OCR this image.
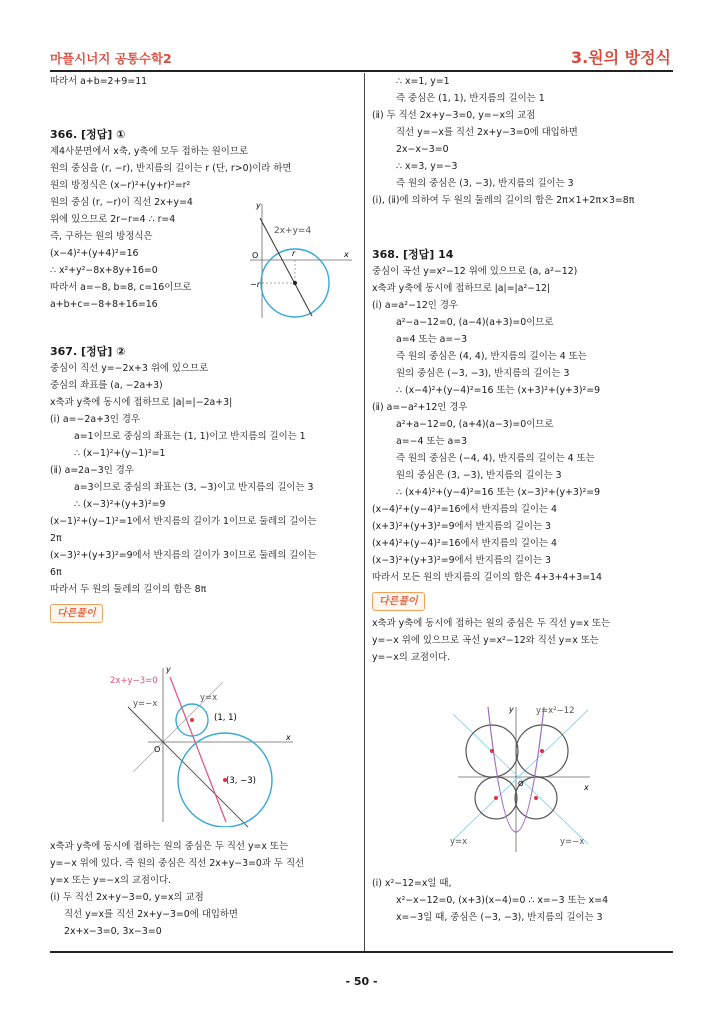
마플시너지 공통수학2	3.원의 방정식
따라서 a+b=2+9=11
366. [정답] ①
제4사분면에서 x축, y축에 모두 접하는 원이므로
원의 중심을 (r, −r), 반지름의 길이는 r (단, r>0)이라 하면
원의 방정식은 (x−r)²+(y+r)²=r²
원의 중심 (r, −r)이 직선 2x+y=4
위에 있으므로 2r−r=4 ∴ r=4
즉, 구하는 원의 방정식은
(x−4)²+(y+4)²=16
∴ x²+y²−8x+8y+16=0
따라서 a=−8, b=8, c=16이므로
a+b+c=−8+8+16=16
2x+y=4
y
x
O	r
−r
367. [정답] ②
중심이 직선 y=−2x+3 위에 있으므로
중심의 좌표를 (a, −2a+3)
x축과 y축에 동시에 접하므로 |a|=|−2a+3|
(ⅰ) a=−2a+3인 경우
a=1이므로 중심의 좌표는 (1, 1)이고 반지름의 길이는 1
∴ (x−1)²+(y−1)²=1
(ⅱ) a=2a−3인 경우
a=3이므로 중심의 좌표는 (3, −3)이고 반지름의 길이는 3
∴ (x−3)²+(y+3)²=9
(x−1)²+(y−1)²=1에서 반지름의 길이가 1이므로 둘레의 길이는
2π
(x−3)²+(y+3)²=9에서 반지름의 길이가 3이므로 둘레의 길이는
6π
따라서 두 원의 둘레의 길이의 합은 8π
다른풀이
2x+y−3=0
y=x
y=−x
(1, 1)
(3, −3)
y
x
O
x축과 y축에 동시에 접하는 원의 중심은 두 직선 y=x 또는
y=−x 위에 있다. 즉 원의 중심은 직선 2x+y−3=0과 두 직선
y=x 또는 y=−x의 교점이다.
(ⅰ) 두 직선 2x+y−3=0, y=x의 교점
직선 y=x를 직선 2x+y−3=0에 대입하면
2x+x−3=0, 3x−3=0
∴ x=1, y=1
즉 중심은 (1, 1), 반지름의 길이는 1
(ⅱ) 두 직선 2x+y−3=0, y=−x의 교점
직선 y=−x를 직선 2x+y−3=0에 대입하면
2x−x−3=0
∴ x=3, y=−3
즉 원의 중심은 (3, −3), 반지름의 길이는 3
(ⅰ), (ⅱ)에 의하여 두 원의 둘레의 길이의 합은 2π×1+2π×3=8π
368. [정답] 14
중심이 곡선 y=x²−12 위에 있으므로 (a, a²−12)
x축과 y축에 동시에 접하므로 |a|=|a²−12|
(ⅰ) a=a²−12인 경우
a²−a−12=0, (a−4)(a+3)=0이므로
a=4 또는 a=−3
즉 원의 중심은 (4, 4), 반지름의 길이는 4 또는
원의 중심은 (−3, −3), 반지름의 길이는 3
∴ (x−4)²+(y−4)²=16 또는 (x+3)²+(y+3)²=9
(ⅱ) a=−a²+12인 경우
a²+a−12=0, (a+4)(a−3)=0이므로
a=−4 또는 a=3
즉 원의 중심은 (−4, 4), 반지름의 길이는 4 또는
원의 중심은 (3, −3), 반지름의 길이는 3
∴ (x+4)²+(y−4)²=16 또는 (x−3)²+(y+3)²=9
(x−4)²+(y−4)²=16에서 반지름의 길이는 4
(x+3)²+(y+3)²=9에서 반지름의 길이는 3
(x+4)²+(y−4)²=16에서 반지름의 길이는 4
(x−3)²+(y+3)²=9에서 반지름의 길이는 3
따라서 모든 원의 반지름의 길이의 합은 4+3+4+3=14
다른풀이
x축과 y축에 동시에 접하는 원의 중심은 두 직선 y=x 또는
y=−x 위에 있으므로 곡선 y=x²−12와 직선 y=x 또는
y=−x의 교점이다.
y=x²−12
y=x	y=−x
y
x
O
(ⅰ) x²−12=x일 때,
x²−x−12=0, (x+3)(x−4)=0 ∴ x=−3 또는 x=4
x=−3일 때, 중심은 (−3, −3), 반지름의 길이는 3
- 50 -
